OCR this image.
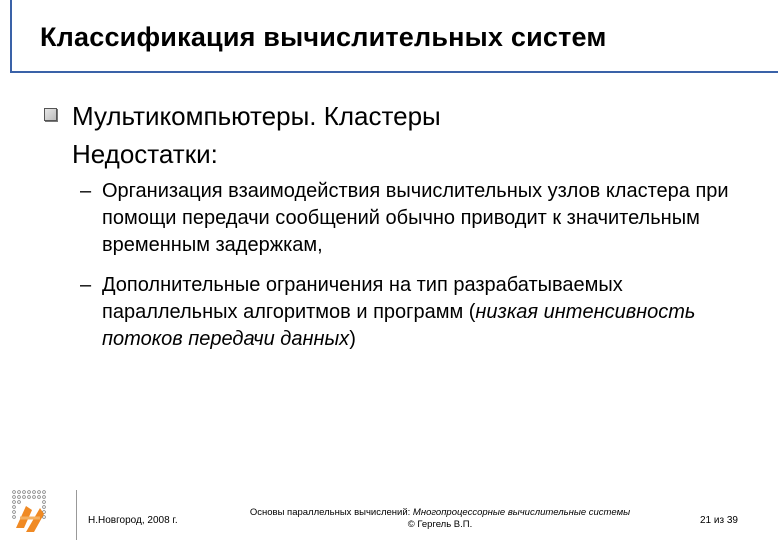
Классификация вычислительных систем
Мультикомпьютеры. Кластеры
Недостатки:
– Организация взаимодействия вычислительных узлов кластера при помощи передачи сообщений обычно приводит к значительным временным задержкам,
– Дополнительные ограничения на тип разрабатываемых параллельных алгоритмов и программ (низкая интенсивность потоков передачи данных)
Н.Новгород, 2008 г.
Основы параллельных вычислений: Многопроцессорные вычислительные системы
© Гергель В.П.	21 из 39
